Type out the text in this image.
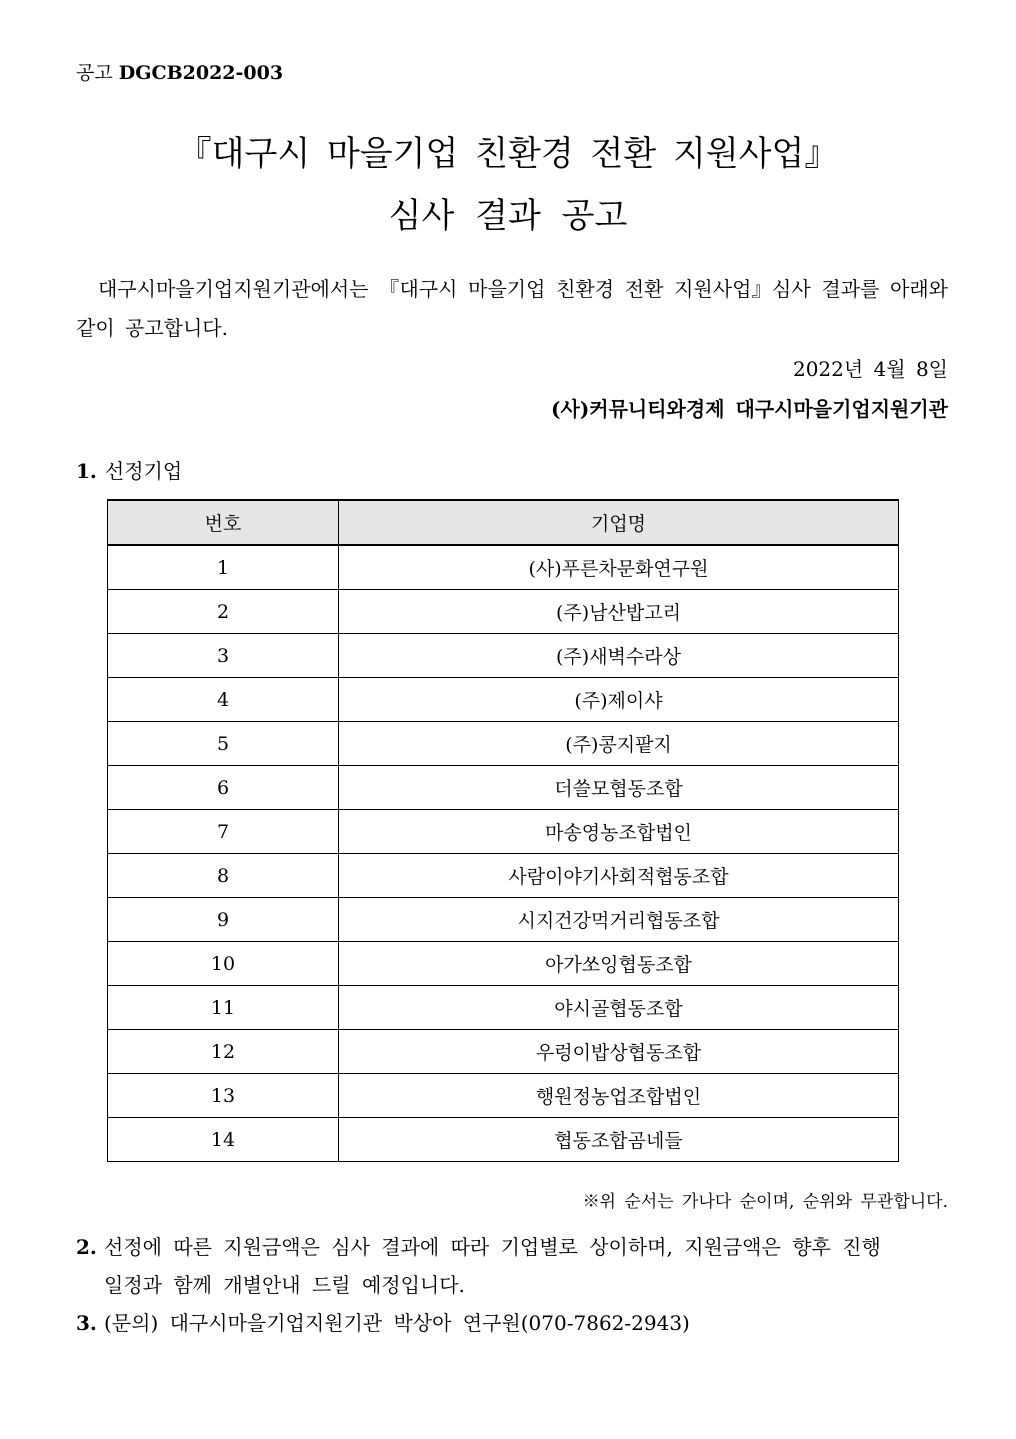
공고 DGCB2022-003
『대구시 마을기업 친환경 전환 지원사업』
심사 결과 공고
대구시마을기업지원기관에서는 『대구시 마을기업 친환경 전환 지원사업』심사 결과를 아래와 같이 공고합니다.
2022년 4월 8일
(사)커뮤니티와경제 대구시마을기업지원기관
1. 선정기업
번호	기업명
1	(사)푸른차문화연구원
2	(주)남산밥고리
3	(주)새벽수라상
4	(주)제이샤
5	(주)콩지팥지
6	더쓸모협동조합
7	마송영농조합법인
8	사람이야기사회적협동조합
9	시지건강먹거리협동조합
10	아가쏘잉협동조합
11	야시골협동조합
12	우렁이밥상협동조합
13	행원정농업조합법인
14	협동조합곰네들
※위 순서는 가나다 순이며, 순위와 무관합니다.
2. 선정에 따른 지원금액은 심사 결과에 따라 기업별로 상이하며, 지원금액은 향후 진행
일정과 함께 개별안내 드릴 예정입니다.
3. (문의) 대구시마을기업지원기관 박상아 연구원(070-7862-2943)
